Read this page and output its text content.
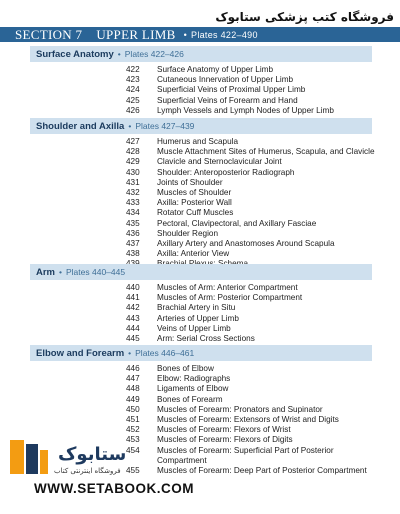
فروشگاه کتب پزشکی ستابوک
SECTION 7 UPPER LIMB • Plates 422–490
Surface Anatomy • Plates 422–426
422	Surface Anatomy of Upper Limb
423	Cutaneous Innervation of Upper Limb
424	Superficial Veins of Proximal Upper Limb
425	Superficial Veins of Forearm and Hand
426	Lymph Vessels and Lymph Nodes of Upper Limb
Shoulder and Axilla • Plates 427–439
427	Humerus and Scapula
428	Muscle Attachment Sites of Humerus, Scapula, and Clavicle
429	Clavicle and Sternoclavicular Joint
430	Shoulder: Anteroposterior Radiograph
431	Joints of Shoulder
432	Muscles of Shoulder
433	Axilla: Posterior Wall
434	Rotator Cuff Muscles
435	Pectoral, Clavipectoral, and Axillary Fasciae
436	Shoulder Region
437	Axillary Artery and Anastomoses Around Scapula
438	Axilla: Anterior View
Arm • Plates 440–445
440	Muscles of Arm: Anterior Compartment
441	Muscles of Arm: Posterior Compartment
442	Brachial Artery in Situ
443	Arteries of Upper Limb
444	Veins of Upper Limb
445	Arm: Serial Cross Sections
Elbow and Forearm • Plates 446–461
446	Bones of Elbow
447	Elbow: Radiographs
448	Ligaments of Elbow
449	Bones of Forearm
450	Muscles of Forearm: Pronators and Supinator
451	Muscles of Forearm: Extensors of Wrist and Digits
452	Muscles of Forearm: Flexors of Wrist
453	Muscles of Forearm: Flexors of Digits
454	Muscles of Forearm: Superficial Part of Posterior
Compartment
455	Muscles of Forearm: Deep Part of Posterior Compartment
ستابوک
فروشگاه اینترنتی کتاب
WWW.SETABOOK.COM
